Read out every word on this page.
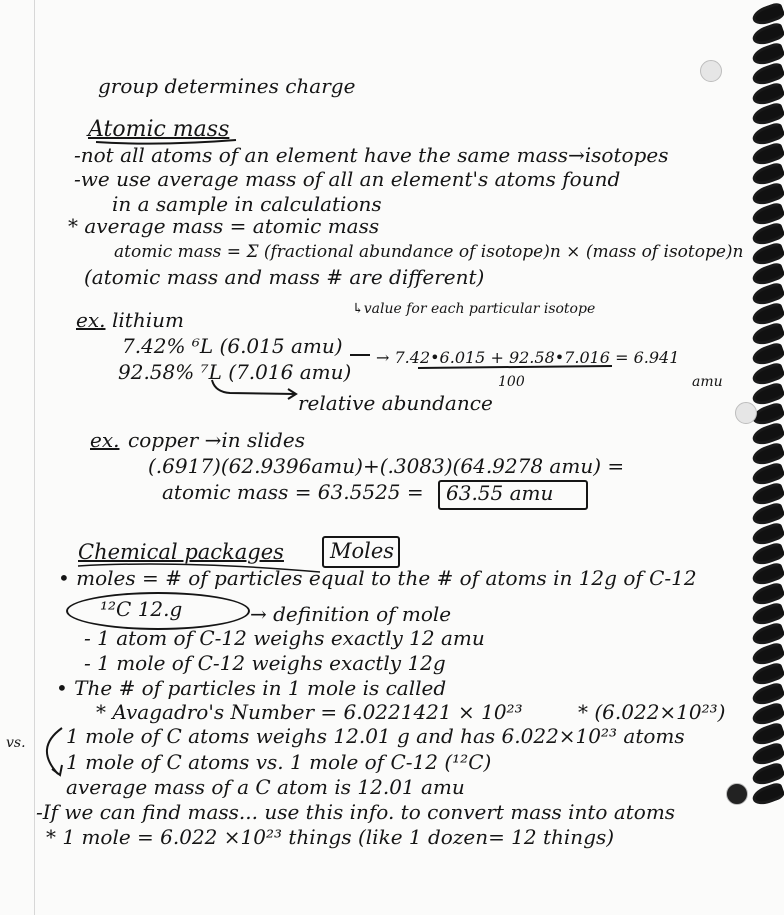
group determines charge
Atomic mass
-not all atoms of an element have the same mass→isotopes
-we use average mass of all an element's atoms found
in a sample in calculations
* average mass = atomic mass
atomic mass = Σ (fractional abundance of isotope)n × (mass of isotope)n
(atomic mass and mass # are different)
↳value for each particular isotope
ex. lithium
7.42% ⁶L (6.015 amu) → 7.42•6.015 + 92.58•7.016 = 6.941
100	amu
92.58% ⁷L (7.016 amu)
relative abundance
ex. copper →in slides
(.6917)(62.9396amu)+(.3083)(64.9278 amu) =
atomic mass = 63.5525 = 63.55 amu
Chemical packages Moles
• moles = # of particles equal to the # of atoms in 12g of C-12
¹²C 12.g	→ definition of mole
- 1 atom of C-12 weighs exactly 12 amu
- 1 mole of C-12 weighs exactly 12g
• The # of particles in 1 mole is called
* Avagadro's Number = 6.0221421 × 10²³	* (6.022×10²³)
vs. 1 mole of C atoms weighs 12.01 g and has 6.022×10²³ atoms
1 mole of C atoms vs. 1 mole of C-12 (¹²C)
average mass of a C atom is 12.01 amu
-If we can find mass... use this info. to convert mass into atoms
* 1 mole = 6.022 ×10²³ things (like 1 dozen= 12 things)
